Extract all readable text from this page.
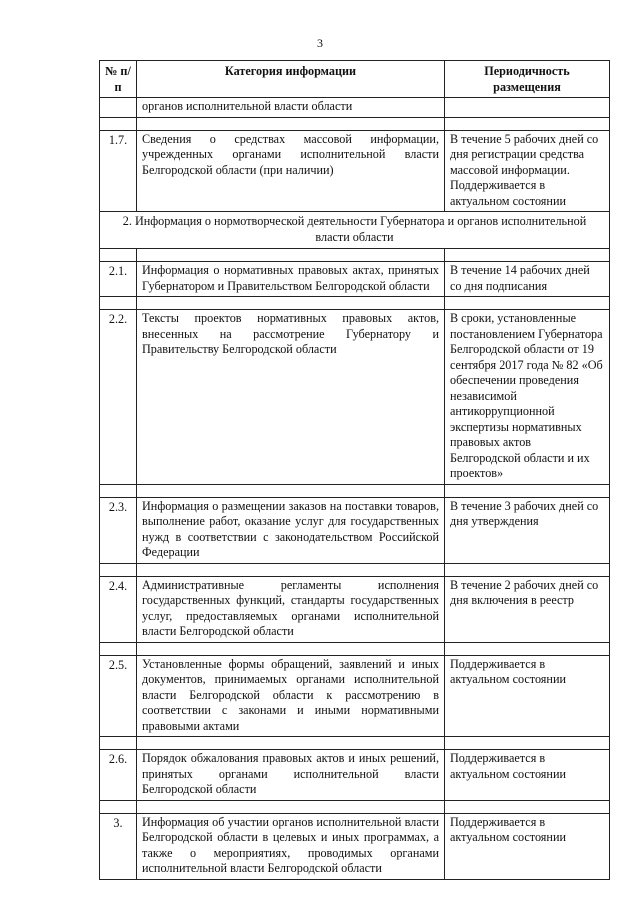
3
№ п/п	Категория информации	Периодичность размещения
	органов исполнительной власти области	

1.7.	Сведения о средствах массовой информации, учрежденных органами исполнительной власти Белгородской области (при наличии)	В течение 5 рабочих дней со дня регистрации средства массовой информации. Поддерживается в актуальном состоянии
2. Информация о нормотворческой деятельности Губернатора и органов исполнительной власти области		

2.1.	Информация о нормативных правовых актах, принятых Губернатором и Правительством Белгородской области	В течение 14 рабочих дней со дня подписания

2.2.	Тексты проектов нормативных правовых актов, внесенных на рассмотрение Губернатору и Правительству Белгородской области	В сроки, установленные постановлением Губернатора Белгородской области от 19 сентября 2017 года № 82 «Об обеспечении проведения независимой антикоррупционной экспертизы нормативных правовых актов Белгородской области и их проектов»

2.3.	Информация о размещении заказов на поставки товаров, выполнение работ, оказание услуг для государственных нужд в соответствии с законодательством Российской Федерации	В течение 3 рабочих дней со дня утверждения

2.4.	Административные регламенты исполнения государственных функций, стандарты государственных услуг, предоставляемых органами исполнительной власти Белгородской области	В течение 2 рабочих дней со дня включения в реестр

2.5.	Установленные формы обращений, заявлений и иных документов, принимаемых органами исполнительной власти Белгородской области к рассмотрению в соответствии с законами и иными нормативными правовыми актами	Поддерживается в актуальном состоянии

2.6.	Порядок обжалования правовых актов и иных решений, принятых органами исполнительной власти Белгородской области	Поддерживается в актуальном состоянии

3.	Информация об участии органов исполнительной власти Белгородской области в целевых и иных программах, а также о мероприятиях, проводимых органами исполнительной власти Белгородской области	Поддерживается в актуальном состоянии
